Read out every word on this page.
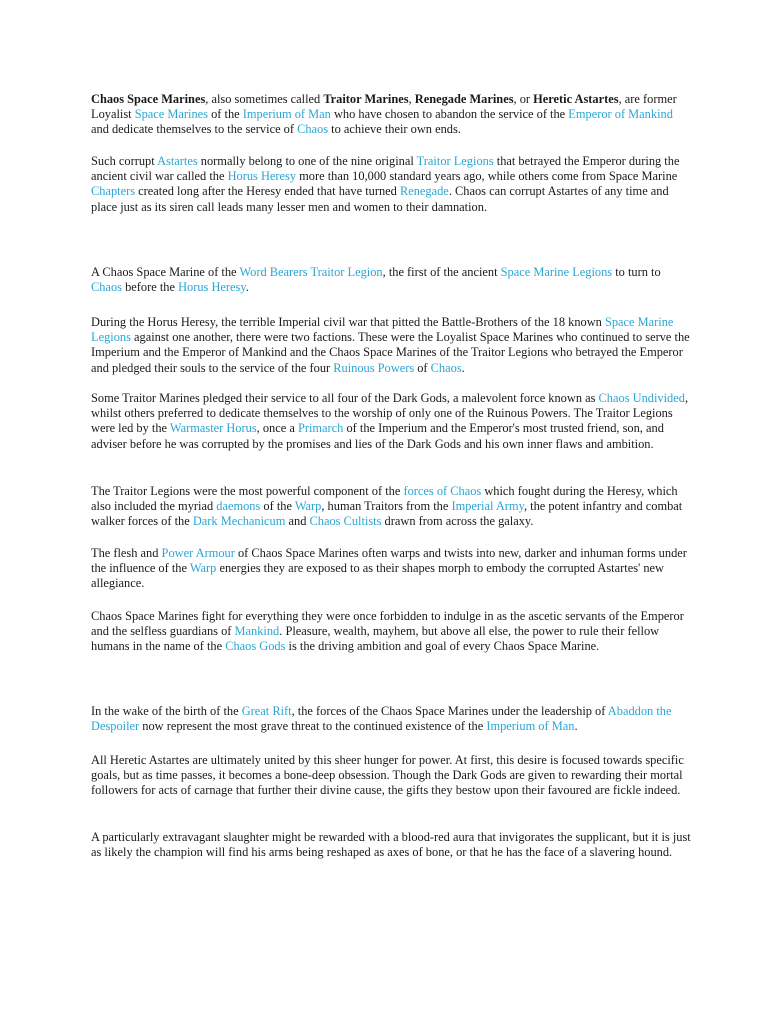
Chaos Space Marines, also sometimes called Traitor Marines, Renegade Marines, or Heretic Astartes, are former Loyalist Space Marines of the Imperium of Man who have chosen to abandon the service of the Emperor of Mankind and dedicate themselves to the service of Chaos to achieve their own ends.

Such corrupt Astartes normally belong to one of the nine original Traitor Legions that betrayed the Emperor during the ancient civil war called the Horus Heresy more than 10,000 standard years ago, while others come from Space Marine Chapters created long after the Heresy ended that have turned Renegade. Chaos can corrupt Astartes of any time and place just as its siren call leads many lesser men and women to their damnation.

A Chaos Space Marine of the Word Bearers Traitor Legion, the first of the ancient Space Marine Legions to turn to Chaos before the Horus Heresy.

During the Horus Heresy, the terrible Imperial civil war that pitted the Battle-Brothers of the 18 known Space Marine Legions against one another, there were two factions. These were the Loyalist Space Marines who continued to serve the Imperium and the Emperor of Mankind and the Chaos Space Marines of the Traitor Legions who betrayed the Emperor and pledged their souls to the service of the four Ruinous Powers of Chaos.

Some Traitor Marines pledged their service to all four of the Dark Gods, a malevolent force known as Chaos Undivided, whilst others preferred to dedicate themselves to the worship of only one of the Ruinous Powers. The Traitor Legions were led by the Warmaster Horus, once a Primarch of the Imperium and the Emperor's most trusted friend, son, and adviser before he was corrupted by the promises and lies of the Dark Gods and his own inner flaws and ambition.

The Traitor Legions were the most powerful component of the forces of Chaos which fought during the Heresy, which also included the myriad daemons of the Warp, human Traitors from the Imperial Army, the potent infantry and combat walker forces of the Dark Mechanicum and Chaos Cultists drawn from across the galaxy.

The flesh and Power Armour of Chaos Space Marines often warps and twists into new, darker and inhuman forms under the influence of the Warp energies they are exposed to as their shapes morph to embody the corrupted Astartes' new allegiance.

Chaos Space Marines fight for everything they were once forbidden to indulge in as the ascetic servants of the Emperor and the selfless guardians of Mankind. Pleasure, wealth, mayhem, but above all else, the power to rule their fellow humans in the name of the Chaos Gods is the driving ambition and goal of every Chaos Space Marine.

In the wake of the birth of the Great Rift, the forces of the Chaos Space Marines under the leadership of Abaddon the Despoiler now represent the most grave threat to the continued existence of the Imperium of Man.

All Heretic Astartes are ultimately united by this sheer hunger for power. At first, this desire is focused towards specific goals, but as time passes, it becomes a bone-deep obsession. Though the Dark Gods are given to rewarding their mortal followers for acts of carnage that further their divine cause, the gifts they bestow upon their favoured are fickle indeed.

A particularly extravagant slaughter might be rewarded with a blood-red aura that invigorates the supplicant, but it is just as likely the champion will find his arms being reshaped as axes of bone, or that he has the face of a slavering hound.
